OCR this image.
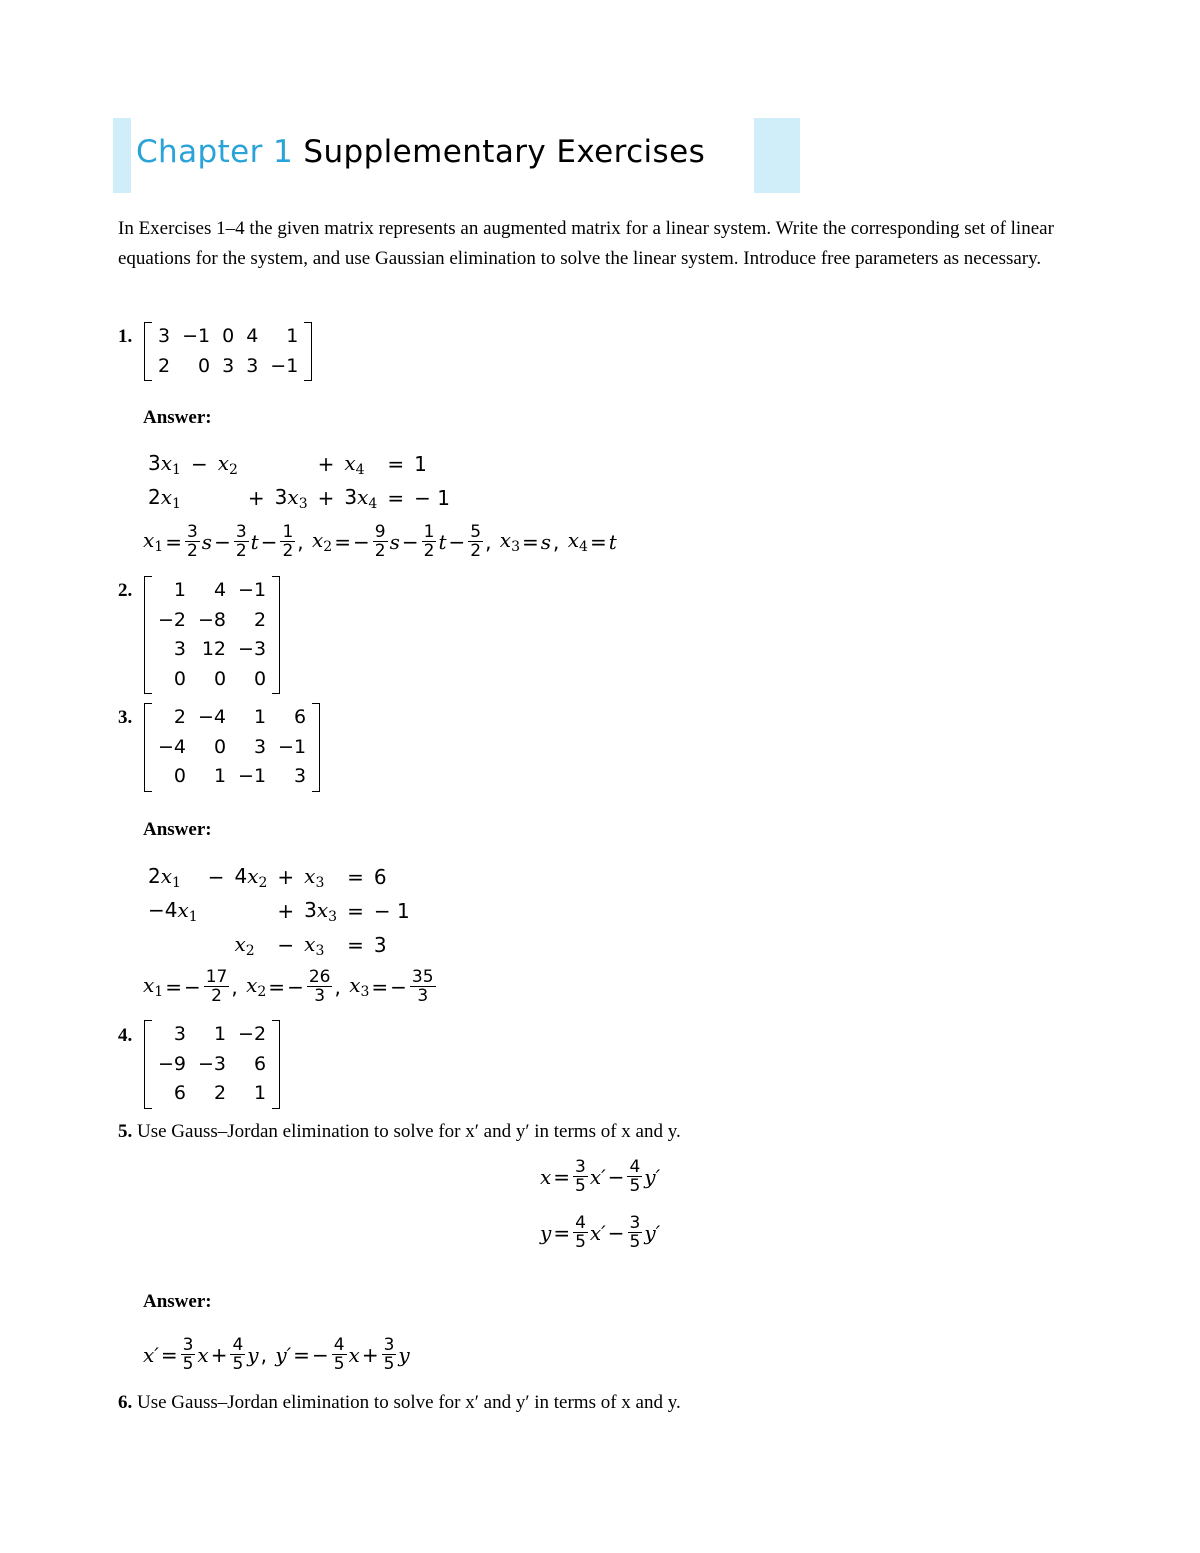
Chapter 1 Supplementary Exercises
In Exercises 1–4 the given matrix represents an augmented matrix for a linear system. Write the corresponding set of linear equations for the system, and use Gaussian elimination to solve the linear system. Introduce free parameters as necessary.
1. 3	−1	0	4	1
2	0	3	3	−1
Answer:
$3x_1$	−	$x_2$			+	$x_4$	=	1
$2x_1$			+	$3x_3$	+	$3x_4$	=	− 1
$x_1 = \frac{3}{2}$ $s - \frac{3}{2}$ $t - \frac{1}{2}$ , $x_2$ = − $\frac{9}{2}$ $s - \frac{1}{2}$ $t - \frac{5}{2}$ , $x_3 = s$ , $x_4 = t$
2. 1	4	−1
−2	−8	2
3	12	−3
0	0	0
3. 2	−4	1	6
−4	0	3	−1
0	1	−1	3
Answer:
$2x_1$	−	$4x_2$	+	$x_3$	=	6
$-4x_1$			+	$3x_3$	=	− 1
		$x_2$	−	$x_3$	=	3
$x_1$ = − $\frac{17}{2}$ , $x_2$ = − $\frac{26}{3}$ , $x_3$ = − $\frac{35}{3}$
4. 3	1	−2
−9	−3	6
6	2	1
5. Use Gauss–Jordan elimination to solve for x′ and y′ in terms of x and y.
$x = \frac{3}{5} x' - \frac{4}{5} y'$
$y = \frac{4}{5} x' - \frac{3}{5} y'$
Answer:
$x' = \frac{3}{5}$ $x + \frac{4}{5}$ y , y′ = − $\frac{4}{5}$ $x + \frac{3}{5}$ y
6. Use Gauss–Jordan elimination to solve for x′ and y′ in terms of x and y.
